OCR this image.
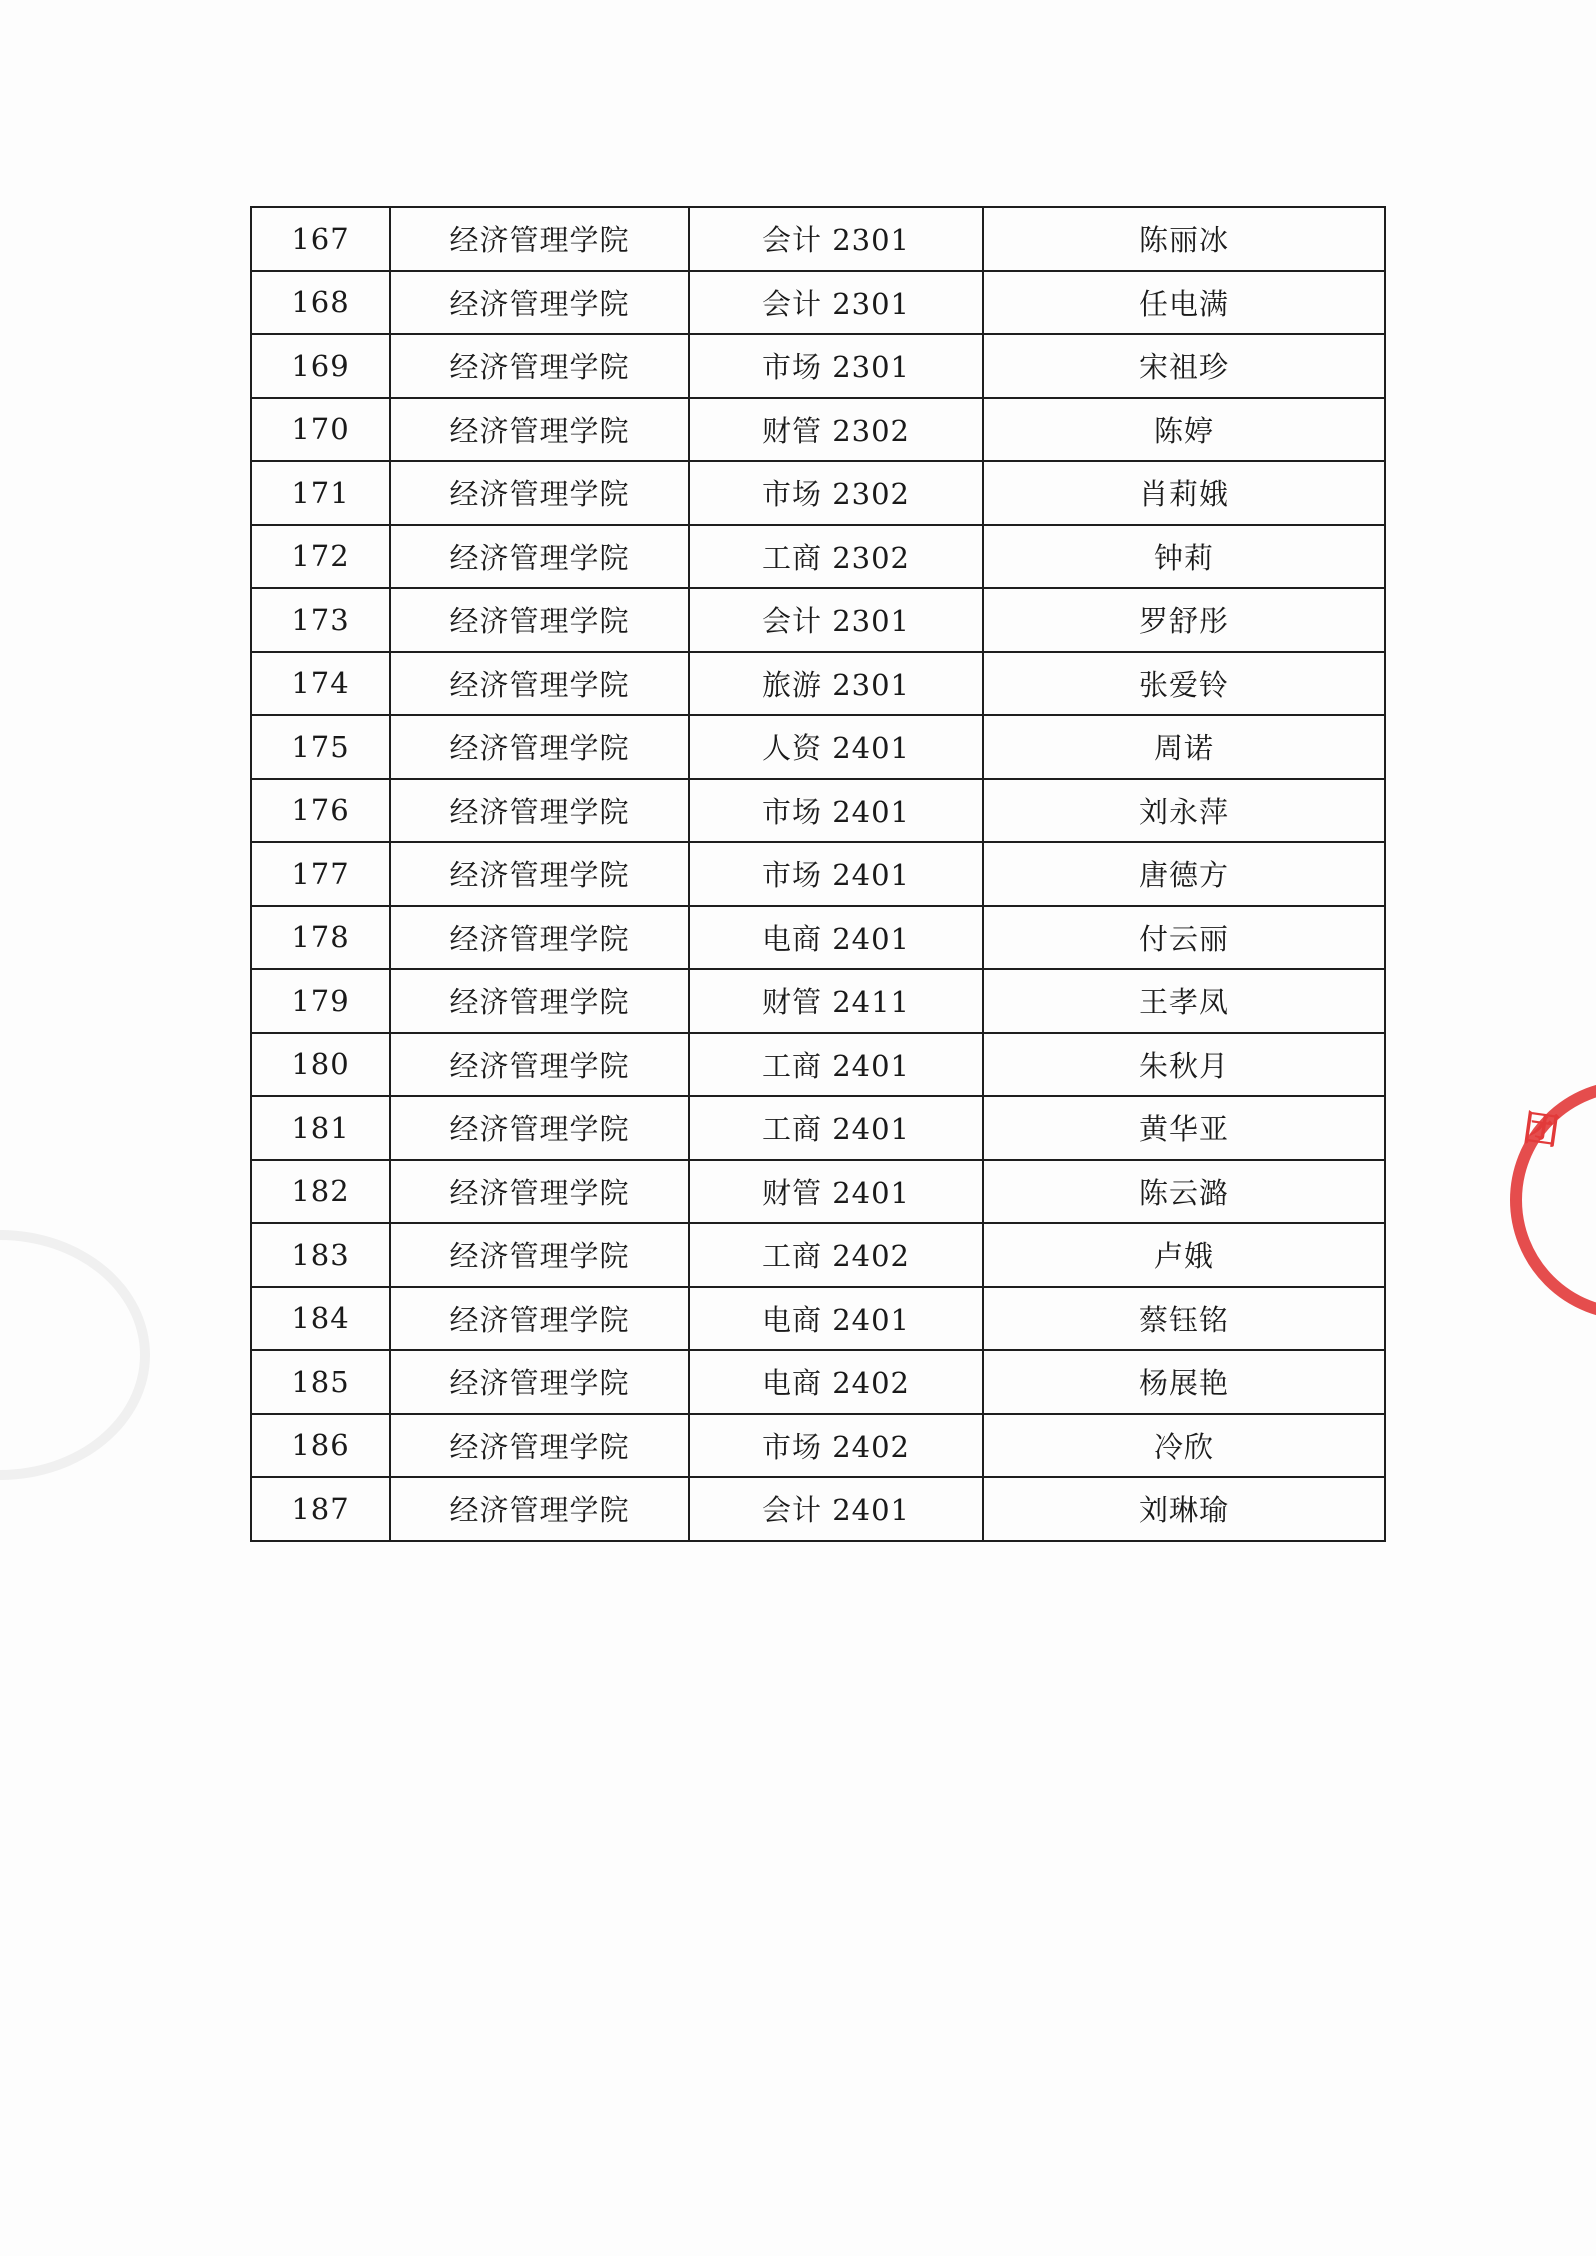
167	经济管理学院	会计 2301	陈丽冰
168	经济管理学院	会计 2301	任电满
169	经济管理学院	市场 2301	宋祖珍
170	经济管理学院	财管 2302	陈婷
171	经济管理学院	市场 2302	肖莉娥
172	经济管理学院	工商 2302	钟莉
173	经济管理学院	会计 2301	罗舒彤
174	经济管理学院	旅游 2301	张爱铃
175	经济管理学院	人资 2401	周诺
176	经济管理学院	市场 2401	刘永萍
177	经济管理学院	市场 2401	唐德方
178	经济管理学院	电商 2401	付云丽
179	经济管理学院	财管 2411	王孝凤
180	经济管理学院	工商 2401	朱秋月
181	经济管理学院	工商 2401	黄华亚
182	经济管理学院	财管 2401	陈云潞
183	经济管理学院	工商 2402	卢娥
184	经济管理学院	电商 2401	蔡钰铭
185	经济管理学院	电商 2402	杨展艳
186	经济管理学院	市场 2402	冷欣
187	经济管理学院	会计 2401	刘琳瑜
团
